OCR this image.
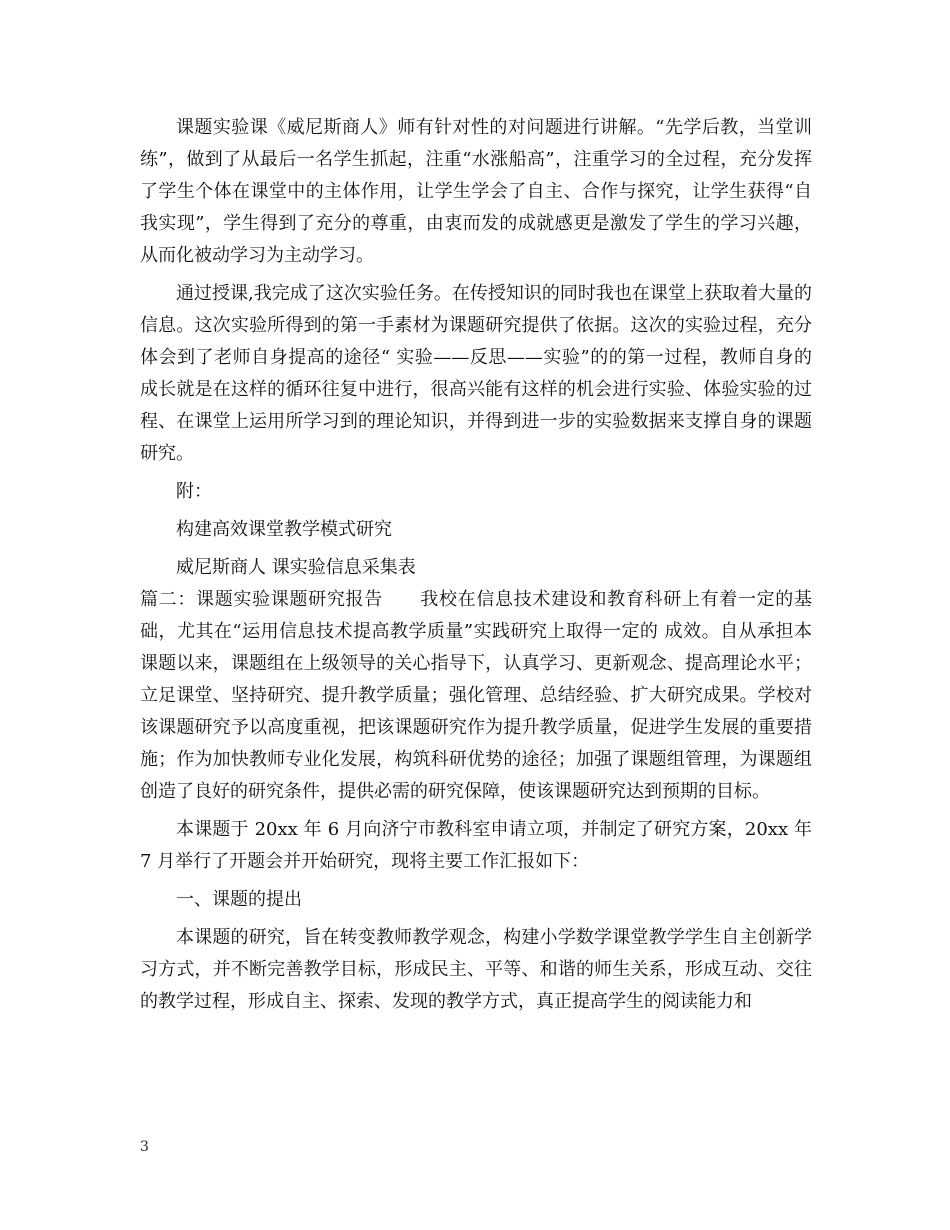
课题实验课《威尼斯商人》师有针对性的对问题进行讲解。“先学后教，当堂训练”，做到了从最后一名学生抓起，注重“水涨船高”，注重学习的全过程，充分发挥了学生个体在课堂中的主体作用，让学生学会了自主、合作与探究，让学生获得“自我实现”，学生得到了充分的尊重，由衷而发的成就感更是激发了学生的学习兴趣，从而化被动学习为主动学习。

通过授课,我完成了这次实验任务。在传授知识的同时我也在课堂上获取着大量的信息。这次实验所得到的第一手素材为课题研究提供了依据。这次的实验过程，充分体会到了老师自身提高的途径“ 实验——反思——实验”的的第一过程，教师自身的成长就是在这样的循环往复中进行，很高兴能有这样的机会进行实验、体验实验的过程、在课堂上运用所学习到的理论知识，并得到进一步的实验数据来支撑自身的课题研究。

附：

构建高效课堂教学模式研究

威尼斯商人 课实验信息采集表

篇二：课题实验课题研究报告　　我校在信息技术建设和教育科研上有着一定的基础，尤其在“运用信息技术提高教学质量”实践研究上取得一定的 成效。自从承担本课题以来，课题组在上级领导的关心指导下，认真学习、更新观念、提高理论水平；立足课堂、坚持研究、提升教学质量；强化管理、总结经验、扩大研究成果。学校对该课题研究予以高度重视，把该课题研究作为提升教学质量，促进学生发展的重要措施；作为加快教师专业化发展，构筑科研优势的途径；加强了课题组管理，为课题组创造了良好的研究条件，提供必需的研究保障，使该课题研究达到预期的目标。

本课题于 20xx 年 6 月向济宁市教科室申请立项，并制定了研究方案，20xx 年 7 月举行了开题会并开始研究，现将主要工作汇报如下：

一、课题的提出

本课题的研究，旨在转变教师教学观念，构建小学数学课堂教学学生自主创新学习方式，并不断完善教学目标，形成民主、平等、和谐的师生关系，形成互动、交往的教学过程，形成自主、探索、发现的教学方式，真正提高学生的阅读能力和

3
